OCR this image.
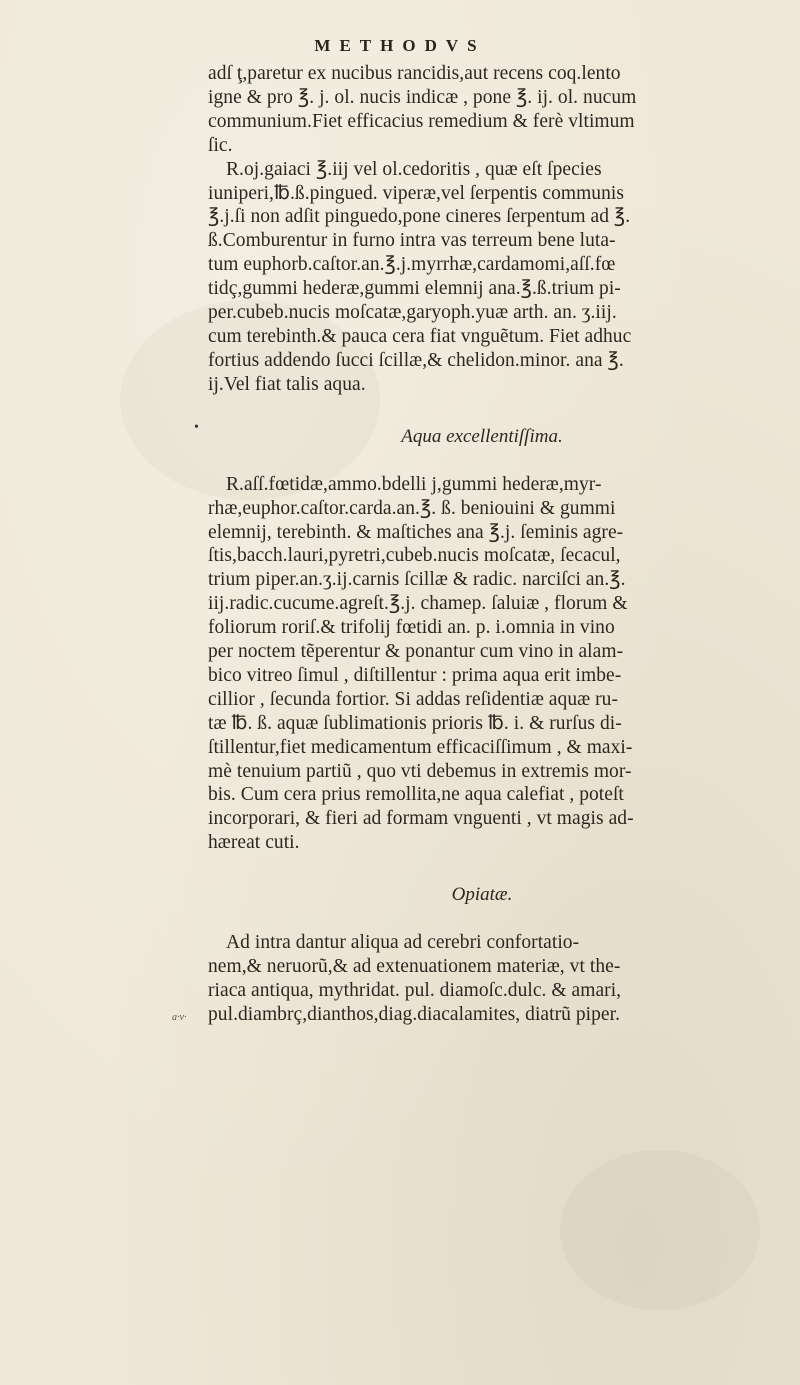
METHODVS
•
a·v·
adſ ţ,paretur ex nucibus rancidis,aut recens coq.lento
igne & pro ℥. j. ol. nucis indicæ , pone ℥. ij. ol. nucum
communium.Fiet efficacius remedium & ferè vltimum
ſic.
R.oj.gaiaci ℥.iij vel ol.cedoritis , quæ eſt ſpecies
iuniperi,℔.ß.pingued. viperæ,vel ſerpentis communis
℥.j.ſi non adſit pinguedo,pone cineres ſerpentum ad ℥.
ß.Comburentur in furno intra vas terreum bene luta-
tum euphorb.caſtor.an.℥.j.myrrhæ,cardamomi,aſſ.fœ
tidç,gummi hederæ,gummi elemnij ana.℥.ß.trium pi-
per.cubeb.nucis moſcatæ,garyoph.yuæ arth. an. ʒ.iij.
cum terebinth.& pauca cera fiat vnguẽtum. Fiet adhuc
fortius addendo ſucci ſcillæ,& chelidon.minor. ana ℥.
ij.Vel fiat talis aqua.
Aqua excellentiſſima.
R.aſſ.fœtidæ,ammo.bdelli j,gummi hederæ,myr-
rhæ,euphor.caſtor.carda.an.℥. ß. beniouini & gummi
elemnij, terebinth. & maſtiches ana ℥.j. ſeminis agre-
ſtis,bacch.lauri,pyretri,cubeb.nucis moſcatæ, ſecacul,
trium piper.an.ʒ.ij.carnis ſcillæ & radic. narciſci an.℥.
iij.radic.cucume.agreſt.℥.j. chamep. ſaluiæ , florum &
foliorum roriſ.& trifolij fœtidi an. p. i.omnia in vino
per noctem tẽperentur & ponantur cum vino in alam-
bico vitreo ſimul , diſtillentur : prima aqua erit imbe-
cillior , ſecunda fortior. Si addas reſidentiæ aquæ ru-
tæ ℔. ß. aquæ ſublimationis prioris ℔. i. & rurſus di-
ſtillentur,fiet medicamentum efficaciſſimum , & maxi-
mè tenuium partiũ , quo vti debemus in extremis mor-
bis. Cum cera prius remollita,ne aqua calefiat , poteſt
incorporari, & fieri ad formam vnguenti , vt magis ad-
hæreat cuti.
Opiatæ.
Ad intra dantur aliqua ad cerebri confortatio-
nem,& neruorũ,& ad extenuationem materiæ, vt the-
riaca antiqua, mythridat. pul. diamoſc.dulc. & amari,
pul.diambrç,dianthos,diag.diacalamites, diatrũ piper.
